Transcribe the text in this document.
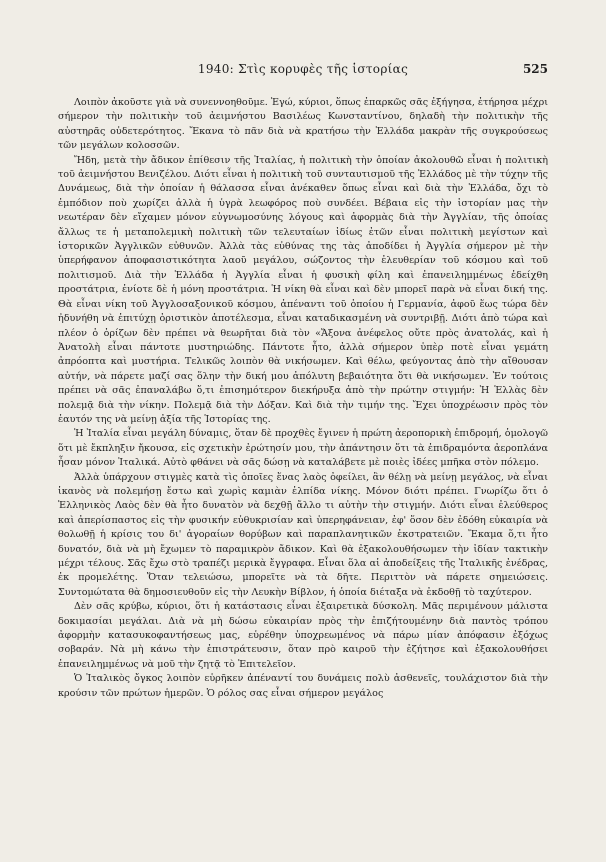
1940: Στὶς κορυφὲς τῆς ἱστορίας	525

Λοιπὸν ἀκοῦστε γιὰ νὰ συνεννοηθοῦμε. Ἐγώ, κύριοι, ὅπως ἐπαρκῶς σᾶς ἐξήγησα, ἐτήρησα μέχρι σήμερον τὴν πολιτικὴν τοῦ ἀειμνήστου Βασιλέως Κωνσταντίνου, δηλαδὴ τὴν πολιτικὴν τῆς αὐστηρᾶς οὐδετερότητος. Ἔκανα τὸ πᾶν διὰ νὰ κρατήσω τὴν Ἑλλάδα μακρὰν τῆς συγκρούσεως τῶν μεγάλων κολοσσῶν.

Ἤδη, μετὰ τὴν ἄδικον ἐπίθεσιν τῆς Ἰταλίας, ἡ πολιτικὴ τὴν ὁποίαν ἀκολουθῶ εἶναι ἡ πολιτικὴ τοῦ ἀειμνήστου Βενιζέλου. Διότι εἶναι ἡ πολιτικὴ τοῦ συνταυτισμοῦ τῆς Ἑλλάδος μὲ τὴν τύχην τῆς Δυνάμεως, διὰ τὴν ὁποίαν ἡ θάλασσα εἶναι ἀνέκαθεν ὅπως εἶναι καὶ διὰ τὴν Ἑλλάδα, ὄχι τὸ ἐμπόδιον ποὺ χωρίζει ἀλλὰ ἡ ὑγρὰ λεωφόρος ποὺ συνδέει. Βέβαια εἰς τὴν ἱστορίαν μας τὴν νεωτέραν δὲν εἴχαμεν μόνον εὐγνωμοσύνης λόγους καὶ ἀφορμὰς διὰ τὴν Ἀγγλίαν, τῆς ὁποίας ἄλλως τε ἡ μεταπολεμικὴ πολιτικὴ τῶν τελευταίων ἰδίως ἐτῶν εἶναι πολιτικὴ μεγίστων καὶ ἱστορικῶν Ἀγγλικῶν εὐθυνῶν. Ἀλλὰ τὰς εὐθύνας της τὰς ἀποδίδει ἡ Ἀγγλία σήμερον μὲ τὴν ὑπερήφανον ἀποφασιστικότητα λαοῦ μεγάλου, σώζοντος τὴν ἐλευθερίαν τοῦ κόσμου καὶ τοῦ πολιτισμοῦ. Διὰ τὴν Ἑλλάδα ἡ Ἀγγλία εἶναι ἡ φυσικὴ φίλη καὶ ἐπανειλημμένως ἐδείχθη προστάτρια, ἐνίοτε δὲ ἡ μόνη προστάτρια. Ἡ νίκη θὰ εἶναι καὶ δὲν μπορεῖ παρὰ νὰ εἶναι δική της. Θὰ εἶναι νίκη τοῦ Ἀγγλοσαξονικοῦ κόσμου, ἀπέναντι τοῦ ὁποίου ἡ Γερμανία, ἀφοῦ ἕως τώρα δὲν ἠδυνήθη νὰ ἐπιτύχῃ ὁριστικὸν ἀποτέλεσμα, εἶναι καταδικασμένη νὰ συντριβῇ. Διότι ἀπὸ τώρα καὶ πλέον ὁ ὁρίζων δὲν πρέπει νὰ θεωρῆται διὰ τὸν «Ἄξονα ἀνέφελος οὔτε πρὸς ἀνατολάς, καὶ ἡ Ἀνατολὴ εἶναι πάντοτε μυστηριώδης. Πάντοτε ἦτο, ἀλλὰ σήμερον ὑπὲρ ποτὲ εἶναι γεμάτη ἀπρόοπτα καὶ μυστήρια. Τελικῶς λοιπὸν θὰ νικήσωμεν. Καὶ θέλω, φεύγοντας ἀπὸ τὴν αἴθουσαν αὐτήν, νὰ πάρετε μαζί σας ὅλην τὴν δική μου ἀπόλυτη βεβαιότητα ὅτι θὰ νικήσωμεν. Ἐν τούτοις πρέπει νὰ σᾶς ἐπαναλάβω ὅ,τι ἐπισημότερον διεκήρυξα ἀπὸ τὴν πρώτην στιγμήν: Ἡ Ἑλλὰς δὲν πολεμᾷ διὰ τὴν νίκην. Πολεμᾷ διὰ τὴν Δόξαν. Καὶ διὰ τὴν τιμήν της. Ἔχει ὑποχρέωσιν πρὸς τὸν ἑαυτόν της νὰ μείνῃ ἀξία τῆς Ἱστορίας της.

Ἡ Ἰταλία εἶναι μεγάλη δύναμις, ὅταν δὲ προχθὲς ἔγινεν ἡ πρώτη ἀεροπορικὴ ἐπιδρομή, ὁμολογῶ ὅτι μὲ ἔκπληξιν ἤκουσα, εἰς σχετικὴν ἐρώτησίν μου, τὴν ἀπάντησιν ὅτι τὰ ἐπιδραμόντα ἀεροπλάνα ἦσαν μόνον Ἰταλικά. Αὐτὸ φθάνει νὰ σᾶς δώσῃ νὰ καταλάβετε μὲ ποιὲς ἰδέες μπῆκα στὸν πόλεμο.

Ἀλλὰ ὑπάρχουν στιγμὲς κατὰ τὶς ὁποῖες ἕνας λαὸς ὀφείλει, ἂν θέλῃ νὰ μείνῃ μεγάλος, νὰ εἶναι ἱκανὸς νὰ πολεμήσῃ ἔστω καὶ χωρὶς καμιὰν ἐλπίδα νίκης. Μόνον διότι πρέπει. Γνωρίζω ὅτι ὁ Ἑλληνικὸς Λαὸς δὲν θὰ ἦτο δυνατὸν νὰ δεχθῇ ἄλλο τι αὐτὴν τὴν στιγμήν. Διότι εἶναι ἐλεύθερος καὶ ἀπερίσπαστος εἰς τὴν φυσικήν εὐθυκρισίαν καὶ ὑπερηφάνειαν, ἐφ' ὅσον δὲν ἐδόθη εὐκαιρία νὰ θολωθῇ ἡ κρίσις του δι' ἀγοραίων θορύβων καὶ παραπλανητικῶν ἐκστρατειῶν. Ἔκαμα ὅ,τι ἦτο δυνατόν, διὰ νὰ μὴ ἔχωμεν τὸ παραμικρὸν ἄδικον. Καὶ θὰ ἐξακολουθήσωμεν τὴν ἰδίαν τακτικὴν μέχρι τέλους. Σᾶς ἔχω στὸ τραπέζι μερικὰ ἔγγραφα. Εἶναι ὅλα αἱ ἀποδείξεις τῆς Ἰταλικῆς ἐνέδρας, ἐκ προμελέτης. Ὅταν τελειώσω, μπορεῖτε νὰ τὰ δῆτε. Περιττὸν νὰ πάρετε σημειώσεις. Συντομώτατα θὰ δημοσιευθοῦν εἰς τὴν Λευκὴν Βίβλον, ἡ ὁποία διέταξα νὰ ἐκδοθῇ τὸ ταχύτερον.

Δὲν σᾶς κρύβω, κύριοι, ὅτι ἡ κατάστασις εἶναι ἐξαιρετικὰ δύσκολη. Μᾶς περιμένουν μάλιστα δοκιμασίαι μεγάλαι. Διὰ νὰ μὴ δώσω εὐκαιρίαν πρὸς τὴν ἐπιζήτουμένην διὰ παντὸς τρόπου ἀφορμὴν κατασυκοφαντήσεως μας, εὑρέθην ὑποχρεωμένος νὰ πάρω μίαν ἀπόφασιν ἐξόχως σοβαράν. Νὰ μὴ κάνω τὴν ἐπιστράτευσιν, ὅταν πρὸ καιροῦ τὴν ἐζήτησε καὶ ἐξακολουθήσει ἐπανειλημμένως νὰ μοῦ τὴν ζητᾷ τὸ Ἐπιτελεῖον.

Ὁ Ἰταλικὸς ὄγκος λοιπὸν εὑρῆκεν ἀπέναντί του δυνάμεις πολὺ ἀσθενεῖς, τουλάχιστον διὰ τὴν κρούσιν τῶν πρώτων ἡμερῶν. Ὁ ρόλος σας εἶναι σήμερον μεγάλος
